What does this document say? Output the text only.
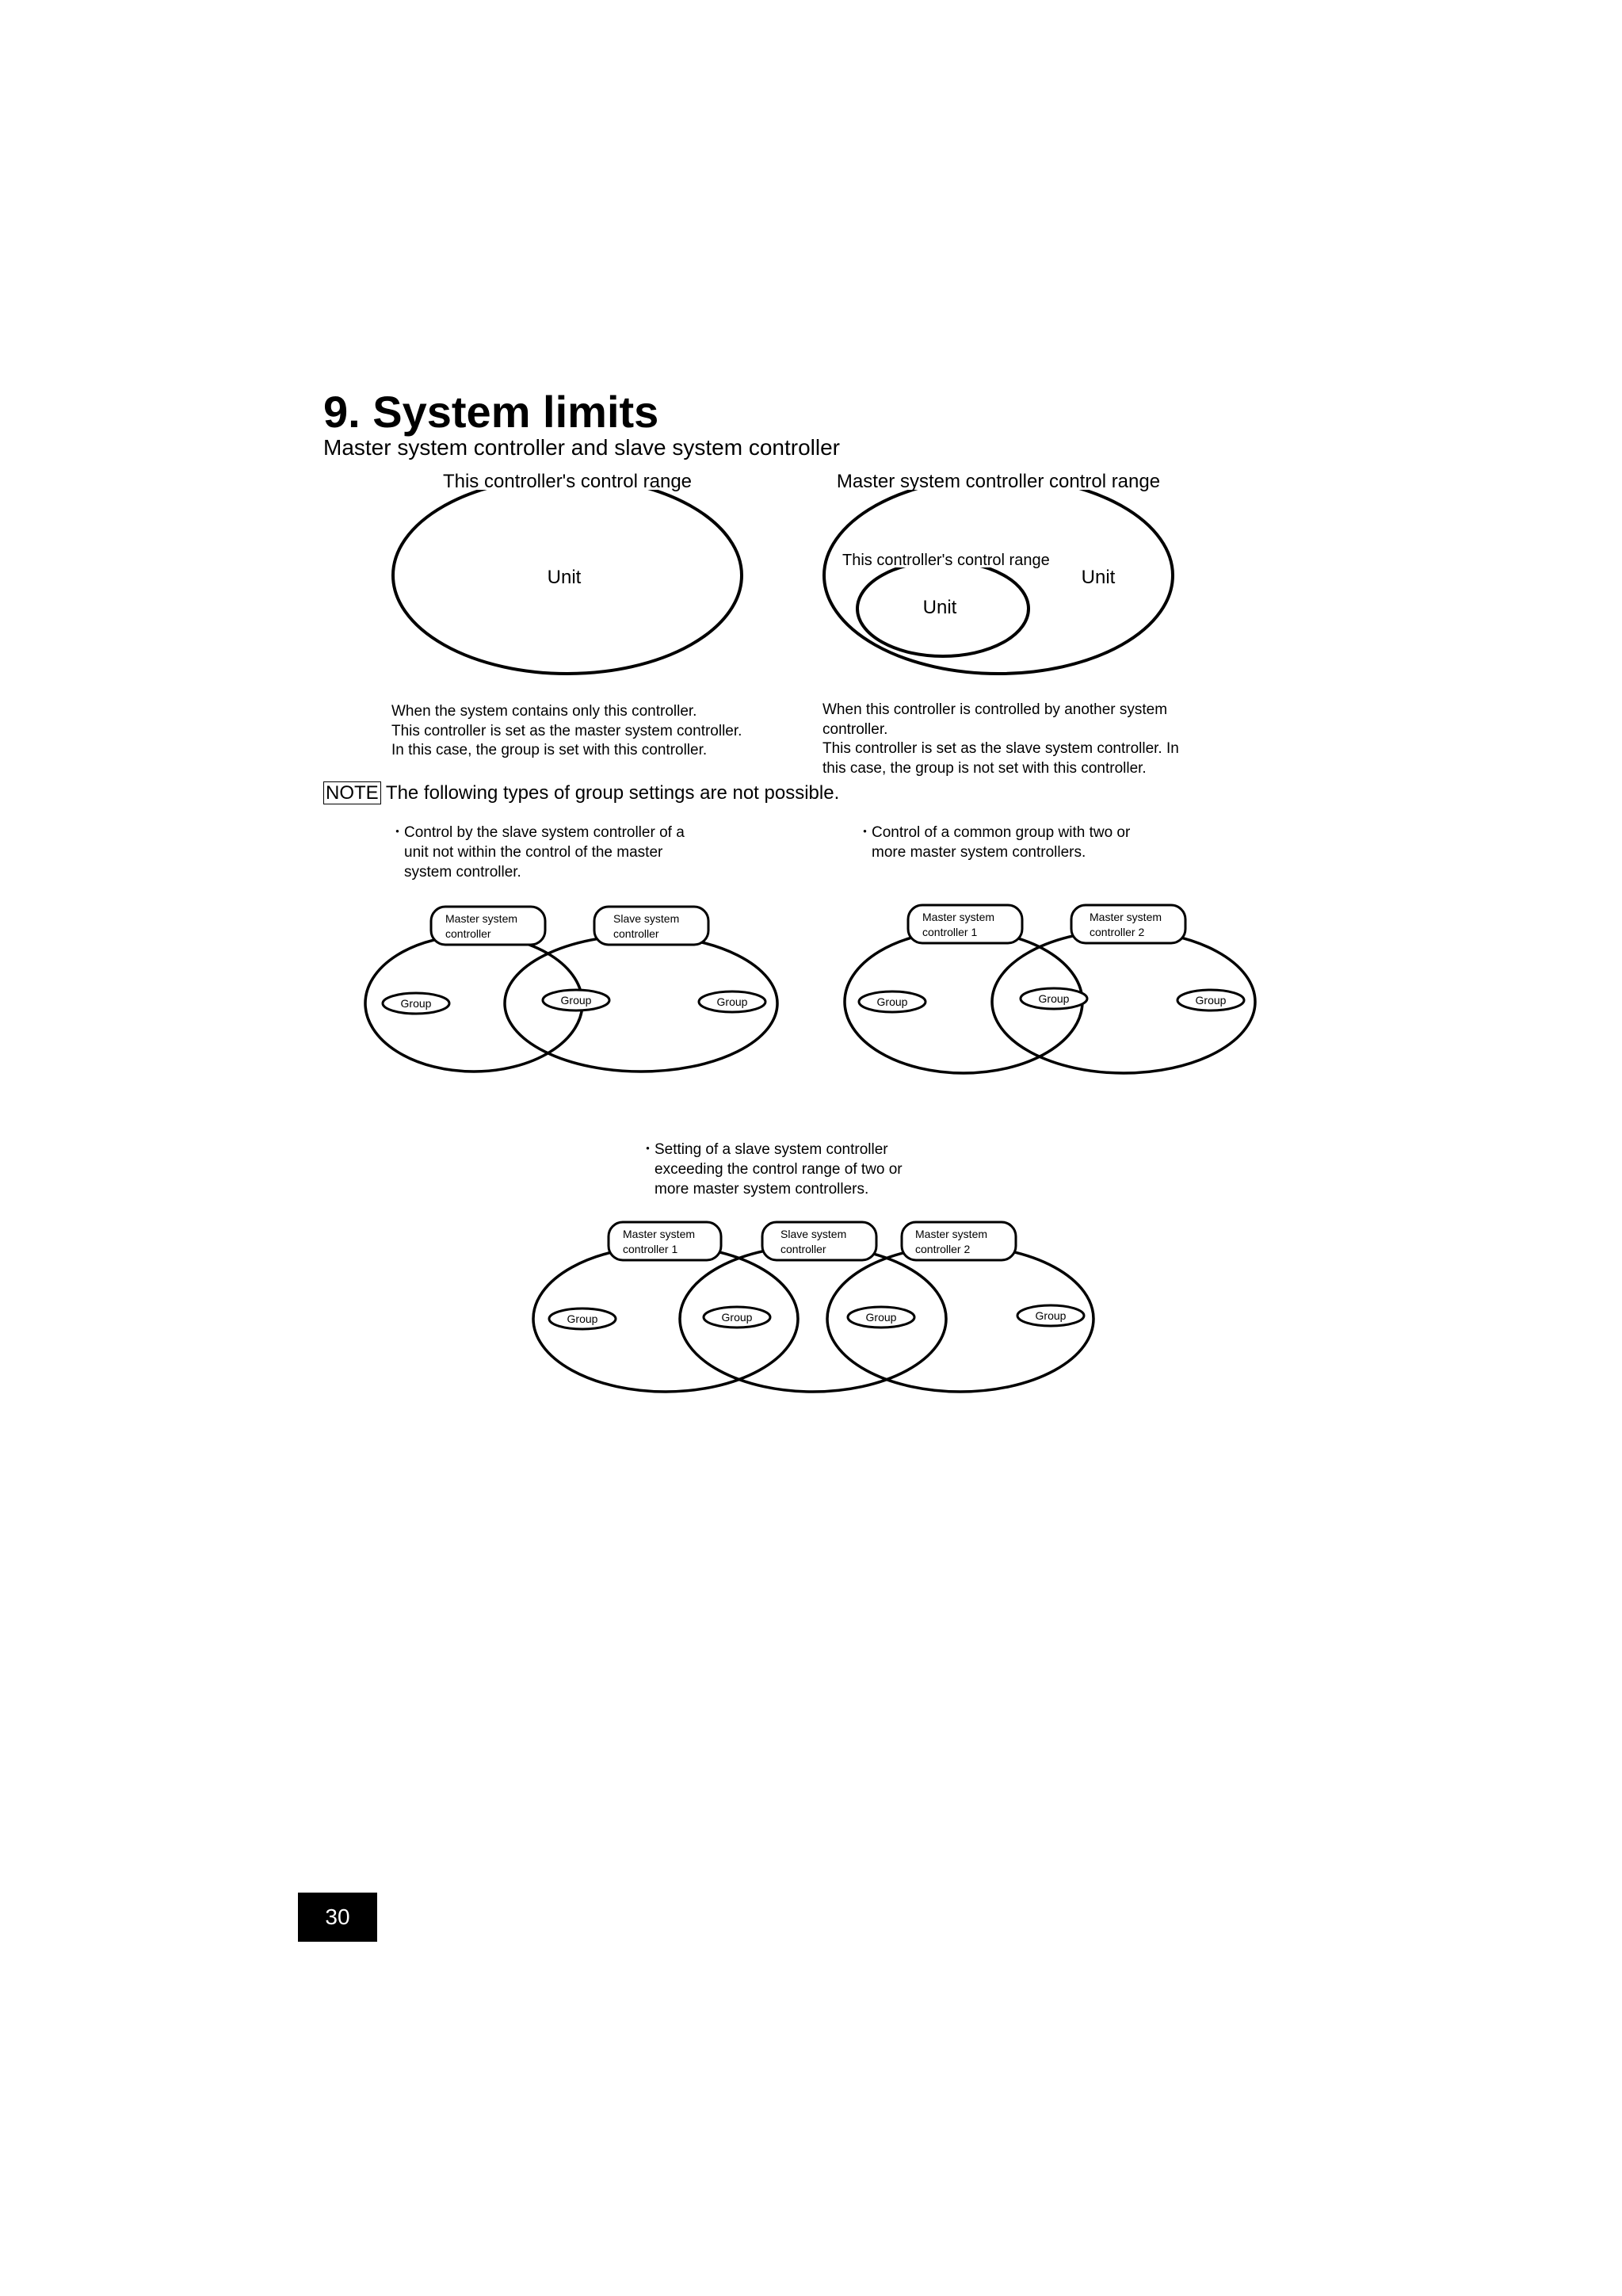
9. System limits
Master system controller and slave system controller
This controller's control range
Unit
Master system controller control range
This controller's control range
Unit
Unit
Master system
controller
Slave system
controller
Group	Group	Group
Master system
controller 1
Master system
controller 2
Group	Group	Group
Master system
controller 1
Slave system
controller
Master system
controller 2
Group	Group	Group	Group
When the system contains only this controller.
This controller is set as the master system controller.
In this case, the group is set with this controller.
When this controller is controlled by another system
controller.
This controller is set as the slave system controller. In
this case, the group is not set with this controller.
NOTE The following types of group settings are not possible.
・
Control by the slave system controller of a
unit not within the control of the master
system controller.
・
Control of a common group with two or
more master system controllers.
・
Setting of a slave system controller
exceeding the control range of two or
more master system controllers.
30
